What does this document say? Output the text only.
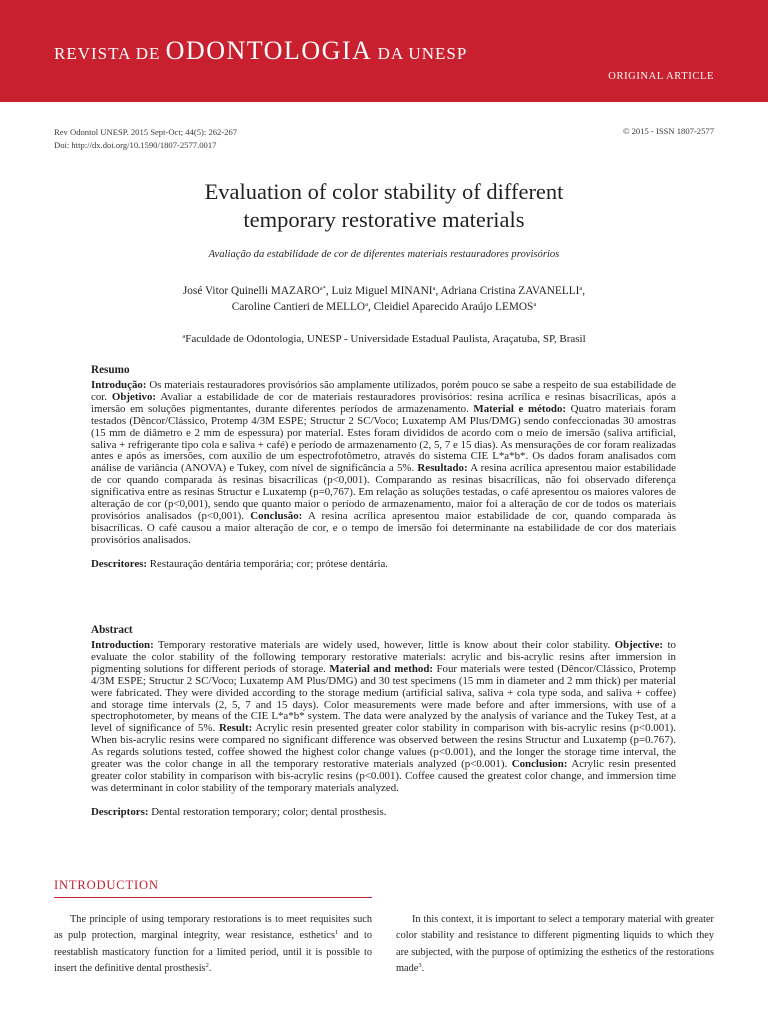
REVISTA DE ODONTOLOGIA DA UNESP
ORIGINAL ARTICLE
Rev Odontol UNESP. 2015 Sept-Oct; 44(5): 262-267
Doi: http://dx.doi.org/10.1590/1807-2577.0017
© 2015 - ISSN 1807-2577
Evaluation of color stability of different
temporary restorative materials
Avaliação da estabilidade de cor de diferentes materiais restauradores provisórios
José Vitor Quinelli $MAZARO^{a*}$, Luiz Miguel MINANI$^a$, Adriana Cristina ZAVANELLI$^a$,
Caroline Cantieri de MELLO$^a$, Cleidiel Aparecido Araújo LEMOS$^a$
$^a$Faculdade de Odontologia, UNESP - Universidade Estadual Paulista, Araçatuba, SP, Brasil
Resumo

Introdução: Os materiais restauradores provisórios são amplamente utilizados, porém pouco se sabe a respeito de sua estabilidade de cor. Objetivo: Avaliar a estabilidade de cor de materiais restauradores provisórios: resina acrílica e resinas bisacrílicas, após a imersão em soluções pigmentantes, durante diferentes períodos de armazenamento. Material e método: Quatro materiais foram testados (Dêncor/Clássico, Protemp 4/3M ESPE; Structur 2 SC/Voco; Luxatemp AM Plus/DMG) sendo confeccionadas 30 amostras (15 mm de diâmetro e 2 mm de espessura) por material. Estes foram divididos de acordo com o meio de imersão (saliva artificial, saliva + refrigerante tipo cola e saliva + café) e período de armazenamento (2, 5, 7 e 15 dias). As mensurações de cor foram realizadas antes e após as imersões, com auxílio de um espectrofotômetro, através do sistema CIE L*a*b*. Os dados foram analisados com análise de variância (ANOVA) e Tukey, com nível de significância a 5%. Resultado: A resina acrílica apresentou maior estabilidade de cor quando comparada às resinas bisacrílicas (p<0,001). Comparando as resinas bisacrílicas, não foi observado diferença significativa entre as resinas Structur e Luxatemp (p=0,767). Em relação as soluções testadas, o café apresentou os maiores valores de alteração de cor (p<0,001), sendo que quanto maior o período de armazenamento, maior foi a alteração de cor de todos os materiais provisórios analisados (p<0,001). Conclusão: A resina acrílica apresentou maior estabilidade de cor, quando comparada às bisacrílicas. O café causou a maior alteração de cor, e o tempo de imersão foi determinante na estabilidade de cor dos materiais provisórios analisados.

Descritores: Restauração dentária temporária; cor; prótese dentária.
Abstract

Introduction: Temporary restorative materials are widely used, however, little is know about their color stability. Objective: to evaluate the color stability of the following temporary restorative materials: acrylic and bis-acrylic resins after immersion in pigmenting solutions for different periods of storage. Material and method: Four materials were tested (Dêncor/Clássico, Protemp 4/3M ESPE; Structur 2 SC/Voco; Luxatemp AM Plus/DMG) and 30 test specimens (15 mm in diameter and 2 mm thick) per material were fabricated. They were divided according to the storage medium (artificial saliva, saliva + cola type soda, and saliva + coffee) and storage time intervals (2, 5, 7 and 15 days). Color measurements were made before and after immersions, with use of a spectrophotometer, by means of the CIE L*a*b* system. The data were analyzed by the analysis of variance and the Tukey Test, at a level of significance of 5%. Result: Acrylic resin presented greater color stability in comparison with bis-acrylic resins (p<0.001). When bis-acrylic resins were compared no significant difference was observed between the resins Structur and Luxatemp (p=0.767). As regards solutions tested, coffee showed the highest color change values (p<0.001), and the longer the storage time interval, the greater was the color change in all the temporary restorative materials analyzed (p<0.001). Conclusion: Acrylic resin presented greater color stability in comparison with bis-acrylic resins (p<0.001). Coffee caused the greatest color change, and immersion time was determinant in color stability of the temporary materials analyzed.

Descriptors: Dental restoration temporary; color; dental prosthesis.
INTRODUCTION
The principle of using temporary restorations is to meet requisites such as pulp protection, marginal integrity, wear resistance, esthetics$^1$ and to reestablish masticatory function for a limited period, until it is possible to insert the definitive dental prosthesis$^2$.
In this context, it is important to select a temporary material with greater color stability and resistance to different pigmenting liquids to which they are subjected, with the purpose of optimizing the esthetics of the restorations made$^3$.
